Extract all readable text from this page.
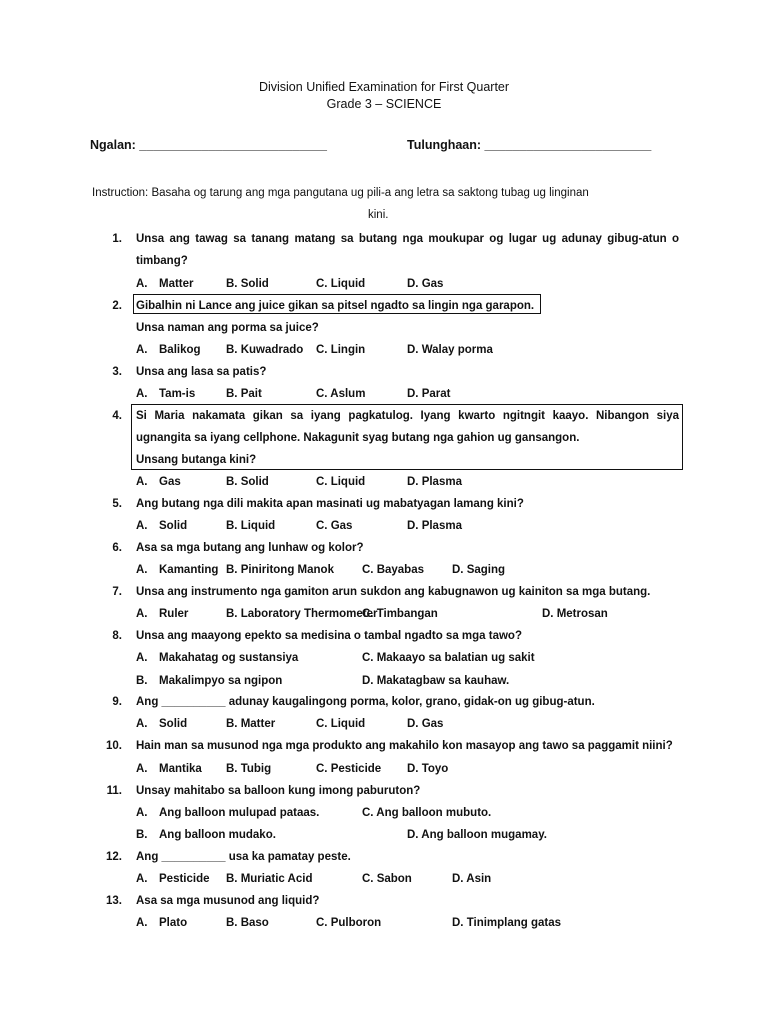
Division Unified Examination for First Quarter
Grade 3 – SCIENCE
Ngalan: ___________________________	Tulunghaan: ________________________
Instruction: Basaha og tarung ang mga pangutana ug pili-a ang letra sa saktong tubag ug linginan
kini.
1. Unsa ang tawag sa tanang matang sa butang nga moukupar og lugar ug adunay gibug-atun o
timbang?
A. Matter	B. Solid	C. Liquid	D. Gas
2. Gibalhin ni Lance ang juice gikan sa pitsel ngadto sa lingin nga garapon.
Unsa naman ang porma sa juice?
A. Balikog B. Kuwadrado C. Lingin	D. Walay porma
3. Unsa ang lasa sa patis?
A. Tam-is	B. Pait	C. Aslum	D. Parat
4. Si Maria nakamata gikan sa iyang pagkatulog. Iyang kwarto ngitngit kaayo. Nibangon siya
ugnangita sa iyang cellphone. Nakagunit syag butang nga gahion ug gansangon.
Unsang butanga kini?
A. Gas	B. Solid	C. Liquid	D. Plasma
5. Ang butang nga dili makita apan masinati ug mabatyagan lamang kini?
A. Solid	B. Liquid	C. Gas	D. Plasma
6. Asa sa mga butang ang lunhaw og kolor?
A. Kamanting B. Piniritong Manok C. Bayabas D. Saging
7. Unsa ang instrumento nga gamiton arun sukdon ang kabugnawon ug kainiton sa mga butang.
A. Ruler	B. Laboratory Thermometer
C. Timbangan	D. Metrosan
8. Unsa ang maayong epekto sa medisina o tambal ngadto sa mga tawo?
A. Makahatag og sustansiya	C. Makaayo sa balatian ug sakit
B. Makalimpyo sa ngipon	D. Makatagbaw sa kauhaw.
9. Ang __________ adunay kaugalingong porma, kolor, grano, gidak-on ug gibug-atun.
A. Solid	B. Matter	C. Liquid	D. Gas
10. Hain man sa musunod nga mga produkto ang makahilo kon masayop ang tawo sa paggamit niini?
A. Mantika B. Tubig	C. Pesticide D. Toyo
11. Unsay mahitabo sa balloon kung imong paburuton?
A. Ang balloon mulupad pataas.	C. Ang balloon mubuto.
B. Ang balloon mudako.	D. Ang balloon mugamay.
12. Ang __________ usa ka pamatay peste.
A. Pesticide B. Muriatic Acid	C. Sabon	D. Asin
13. Asa sa mga musunod ang liquid?
A. Plato	B. Baso	C. Pulboron	D. Tinimplang gatas
